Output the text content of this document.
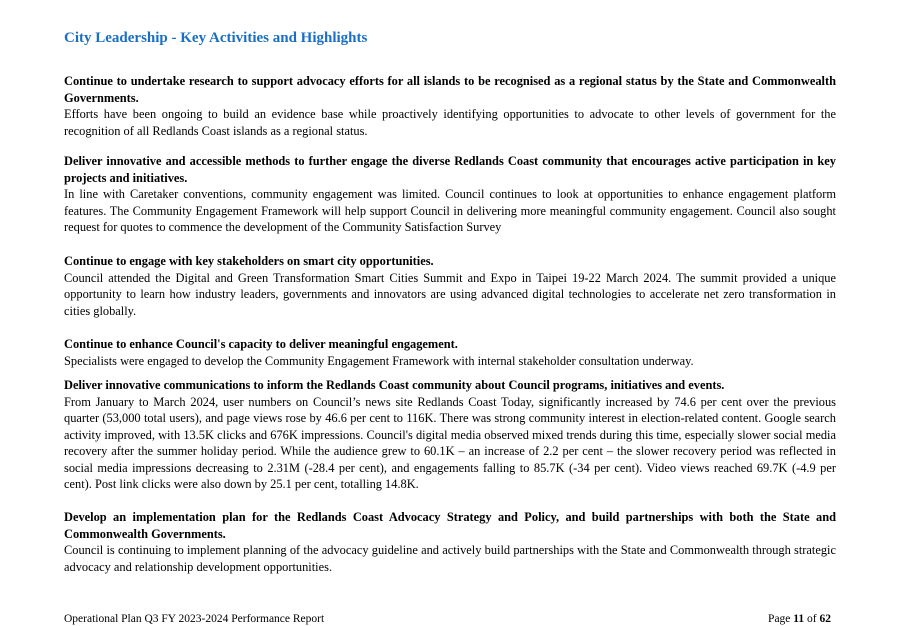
City Leadership - Key Activities and Highlights

Continue to undertake research to support advocacy efforts for all islands to be recognised as a regional status by the State and Commonwealth Governments.

Efforts have been ongoing to build an evidence base while proactively identifying opportunities to advocate to other levels of government for the recognition of all Redlands Coast islands as a regional status.

Deliver innovative and accessible methods to further engage the diverse Redlands Coast community that encourages active participation in key projects and initiatives.

In line with Caretaker conventions, community engagement was limited. Council continues to look at opportunities to enhance engagement platform features. The Community Engagement Framework will help support Council in delivering more meaningful community engagement. Council also sought request for quotes to commence the development of the Community Satisfaction Survey

Continue to engage with key stakeholders on smart city opportunities.

Council attended the Digital and Green Transformation Smart Cities Summit and Expo in Taipei 19-22 March 2024. The summit provided a unique opportunity to learn how industry leaders, governments and innovators are using advanced digital technologies to accelerate net zero transformation in cities globally.

Continue to enhance Council's capacity to deliver meaningful engagement.

Specialists were engaged to develop the Community Engagement Framework with internal stakeholder consultation underway.

Deliver innovative communications to inform the Redlands Coast community about Council programs, initiatives and events.

From January to March 2024, user numbers on Council’s news site Redlands Coast Today, significantly increased by 74.6 per cent over the previous quarter (53,000 total users), and page views rose by 46.6 per cent to 116K. There was strong community interest in election-related content. Google search activity improved, with 13.5K clicks and 676K impressions. Council's digital media observed mixed trends during this time, especially slower social media recovery after the summer holiday period. While the audience grew to 60.1K – an increase of 2.2 per cent – the slower recovery period was reflected in social media impressions decreasing to 2.31M (-28.4 per cent), and engagements falling to 85.7K (-34 per cent). Video views reached 69.7K (-4.9 per cent). Post link clicks were also down by 25.1 per cent, totalling 14.8K.

Develop an implementation plan for the Redlands Coast Advocacy Strategy and Policy, and build partnerships with both the State and Commonwealth Governments.

Council is continuing to implement planning of the advocacy guideline and actively build partnerships with the State and Commonwealth through strategic advocacy and relationship development opportunities.

Operational Plan Q3 FY 2023-2024 Performance Report	Page 11 of 62
